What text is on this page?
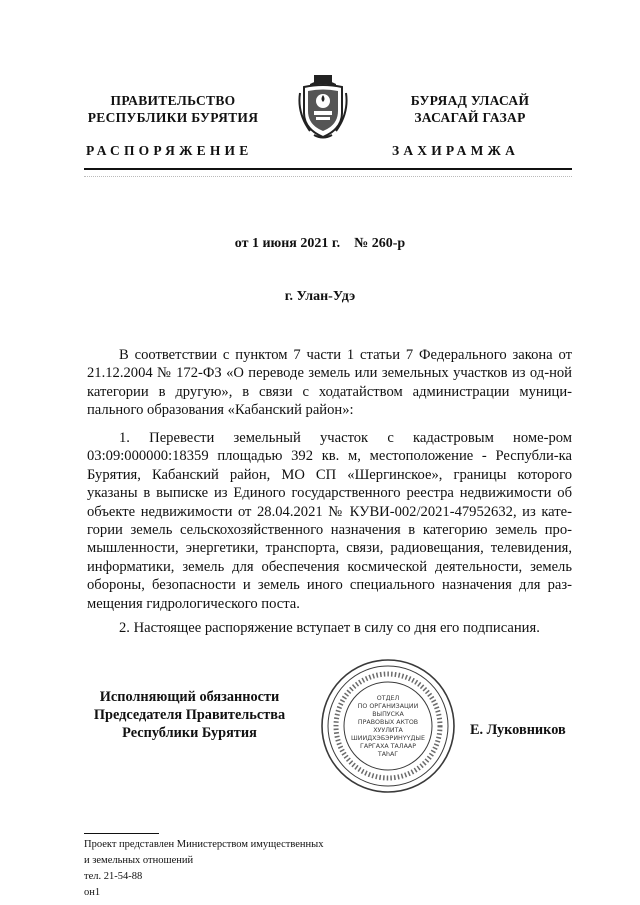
ПРАВИТЕЛЬСТВО
РЕСПУБЛИКИ БУРЯТИЯ
БУРЯАД УЛАСАЙ
ЗАСАГАЙ ГАЗАР
РАСПОРЯЖЕНИЕ	ЗАХИРАМЖА
от 1 июня 2021 г. № 260-р
г. Улан-Удэ
В соответствии с пунктом 7 части 1 статьи 7 Федерального закона от 21.12.2004 № 172-ФЗ «О переводе земель или земельных участков из од-ной категории в другую», в связи с ходатайством администрации муници-пального образования «Кабанский район»:
1. Перевести земельный участок с кадастровым номе-ром 03:09:000000:18359 площадью 392 кв. м, местоположение - Республи-ка Бурятия, Кабанский район, МО СП «Шергинское», границы которого указаны в выписке из Единого государственного реестра недвижимости об объекте недвижимости от 28.04.2021 № КУВИ-002/2021-47952632, из кате-гории земель сельскохозяйственного назначения в категорию земель про-мышленности, энергетики, транспорта, связи, радиовещания, телевидения, информатики, земель для обеспечения космической деятельности, земель обороны, безопасности и земель иного специального назначения для раз-мещения гидрологического поста.
2. Настоящее распоряжение вступает в силу со дня его подписания.
Исполняющий обязанности
Председателя Правительства
Республики Бурятия
ОТДЕЛ
ПО ОРГАНИЗАЦИИ
ВЫПУСКА
ПРАВОВЫХ АКТОВ
ХУУЛИТА
ШИИДХЭБЭРИНҮҮДЫЕ
ГАРГАХА ТАЛААР
ТАhАГ
Е. Луковников
Проект представлен Министерством имущественных
и земельных отношений
тел. 21-54-88
он1
